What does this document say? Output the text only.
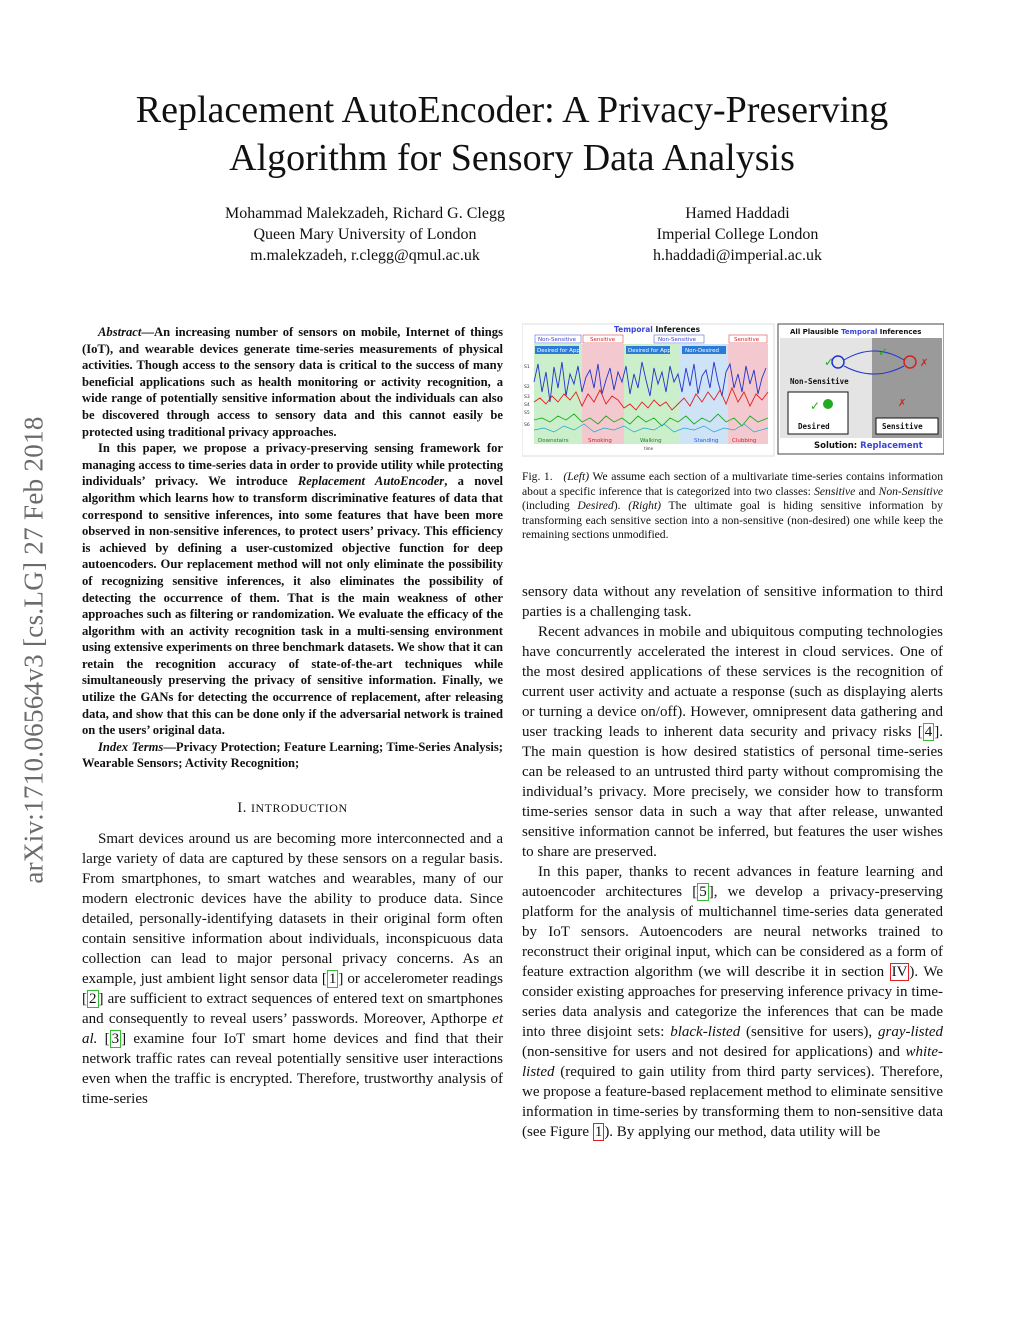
arXiv:1710.06564v3 [cs.LG] 27 Feb 2018
Replacement AutoEncoder: A Privacy-Preserving
Algorithm for Sensory Data Analysis
Mohammad Malekzadeh, Richard G. Clegg
Queen Mary University of London
m.malekzadeh, r.clegg@qmul.ac.uk
Hamed Haddadi
Imperial College London
h.haddadi@imperial.ac.uk

Abstract—An increasing number of sensors on mobile, Internet of things (IoT), and wearable devices generate time-series measurements of physical activities. Though access to the sensory data is critical to the success of many beneficial applications such as health monitoring or activity recognition, a wide range of potentially sensitive information about the individuals can also be discovered through access to sensory data and this cannot easily be protected using traditional privacy approaches.

In this paper, we propose a privacy-preserving sensing framework for managing access to time-series data in order to provide utility while protecting individuals’ privacy. We introduce Replacement AutoEncoder, a novel algorithm which learns how to transform discriminative features of data that correspond to sensitive inferences, into some features that have been more observed in non-sensitive inferences, to protect users’ privacy. This efficiency is achieved by defining a user-customized objective function for deep autoencoders. Our replacement method will not only eliminate the possibility of recognizing sensitive inferences, it also eliminates the possibility of detecting the occurrence of them. That is the main weakness of other approaches such as filtering or randomization. We evaluate the efficacy of the algorithm with an activity recognition task in a multi-sensing environment using extensive experiments on three benchmark datasets. We show that it can retain the recognition accuracy of state-of-the-art techniques while simultaneously preserving the privacy of sensitive information. Finally, we utilize the GANs for detecting the occurrence of replacement, after releasing data, and show that this can be done only if the adversarial network is trained on the users’ original data.

Index Terms—Privacy Protection; Feature Learning; Time-Series Analysis; Wearable Sensors; Activity Recognition;

I. INTRODUCTION

Smart devices around us are becoming more interconnected and a large variety of data are captured by these sensors on a regular basis. From smartphones, to smart watches and wearables, many of our modern electronic devices have the ability to produce data. Since detailed, personally-identifying datasets in their original form often contain sensitive information about individuals, inconspicuous data collection can lead to major personal privacy concerns. As an example, just ambient light sensor data [ 1 ] or accelerometer readings [ 2 ] are sufficient to extract sequences of entered text on smartphones and consequently to reveal users’ passwords. Moreover, Apthorpe et al. [ 3 ] examine four IoT smart home devices and find that their network traffic rates can reveal potentially sensitive user interactions even when the traffic is encrypted. Therefore, trustworthy analysis of time-series

Temporal Inferences
Non-Sensitive	Sensitive	Non-Sensitive	Sensitive
Desired for App	Desired for App	Non-Desired
S1
S2
S3
S4
S5
S6
Downstairs	Smoking	Walking	Standing Clubbing
time
All Plausible Temporal Inferences
✓
✓
✗
Non-Sensitive
✓
Desired
✗
Sensitive
Solution: Replacement
Fig. 1. (Left) We assume each section of a multivariate time-series contains information about a specific inference that is categorized into two classes: Sensitive and Non-Sensitive (including Desired). (Right) The ultimate goal is hiding sensitive information by transforming each sensitive section into a non-sensitive (non-desired) one while keep the remaining sections unmodified.

sensory data without any revelation of sensitive information to third parties is a challenging task.

Recent advances in mobile and ubiquitous computing technologies have concurrently accelerated the interest in cloud services. One of the most desired applications of these services is the recognition of current user activity and actuate a response (such as displaying alerts or turning a device on/off). However, omnipresent data gathering and user tracking leads to inherent data security and privacy risks [ 4 ]. The main question is how desired statistics of personal time-series can be released to an untrusted third party without compromising the individual’s privacy. More precisely, we consider how to transform time-series sensor data in such a way that after release, unwanted sensitive information cannot be inferred, but features the user wishes to share are preserved.

In this paper, thanks to recent advances in feature learning and autoencoder architectures [ 5 ], we develop a privacy-preserving platform for the analysis of multichannel time-series data generated by IoT sensors. Autoencoders are neural networks trained to reconstruct their original input, which can be considered as a form of feature extraction algorithm (we will describe it in section IV ). We consider existing approaches for preserving inference privacy in time-series data analysis and categorize the inferences that can be made into three disjoint sets: black-listed (sensitive for users), gray-listed (non-sensitive for users and not desired for applications) and white-listed (required to gain utility from third party services). Therefore, we propose a feature-based replacement method to eliminate sensitive information in time-series by transforming them to non-sensitive data (see Figure 1 ). By applying our method, data utility will be
